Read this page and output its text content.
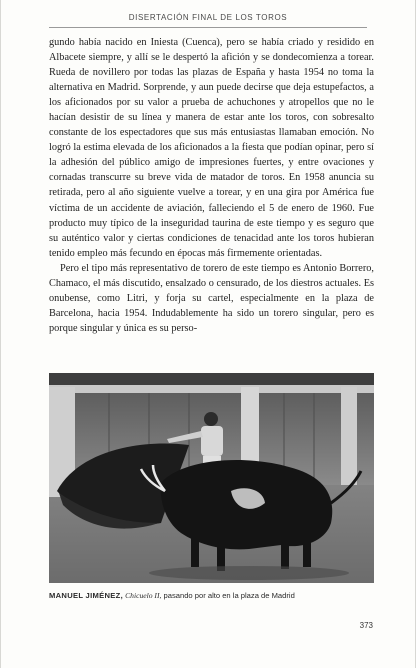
DISERTACIÓN FINAL DE LOS TOROS

gundo había nacido en Iniesta (Cuenca), pero se había criado y residido en Albacete siempre, y allí se le despertó la afición y se dondecomienza a torear. Rueda de novillero por todas las plazas de España y hasta 1954 no toma la alternativa en Madrid. Sorprende, y aun puede decirse que deja estupefactos, a los aficionados por su valor a prueba de achuchones y atropellos que no le hacían desistir de su línea y manera de estar ante los toros, con sobresalto constante de los espectadores que sus más entusiastas llamaban emoción. No logró la estima elevada de los aficionados a la fiesta que podían opinar, pero sí la adhesión del público amigo de impresiones fuertes, y entre ovaciones y cornadas transcurre su breve vida de matador de toros. En 1958 anuncia su retirada, pero al año siguiente vuelve a torear, y en una gira por América fue víctima de un accidente de aviación, falleciendo el 5 de enero de 1960. Fue producto muy típico de la inseguridad taurina de este tiempo y es seguro que su auténtico valor y ciertas condiciones de tenacidad ante los toros hubieran tenido empleo más fecundo en épocas más firmemente orientadas.

Pero el tipo más representativo de torero de este tiempo es Antonio Borrero, Chamaco, el más discutido, ensalzado o censurado, de los diestros actuales. Es onubense, como Litri, y forja su cartel, especialmente en la plaza de Barcelona, hacia 1954. Indudablemente ha sido un torero singular, pero es porque singular y única es su perso-

MANUEL JIMÉNEZ, Chicuelo II, pasando por alto en la plaza de Madrid
373
